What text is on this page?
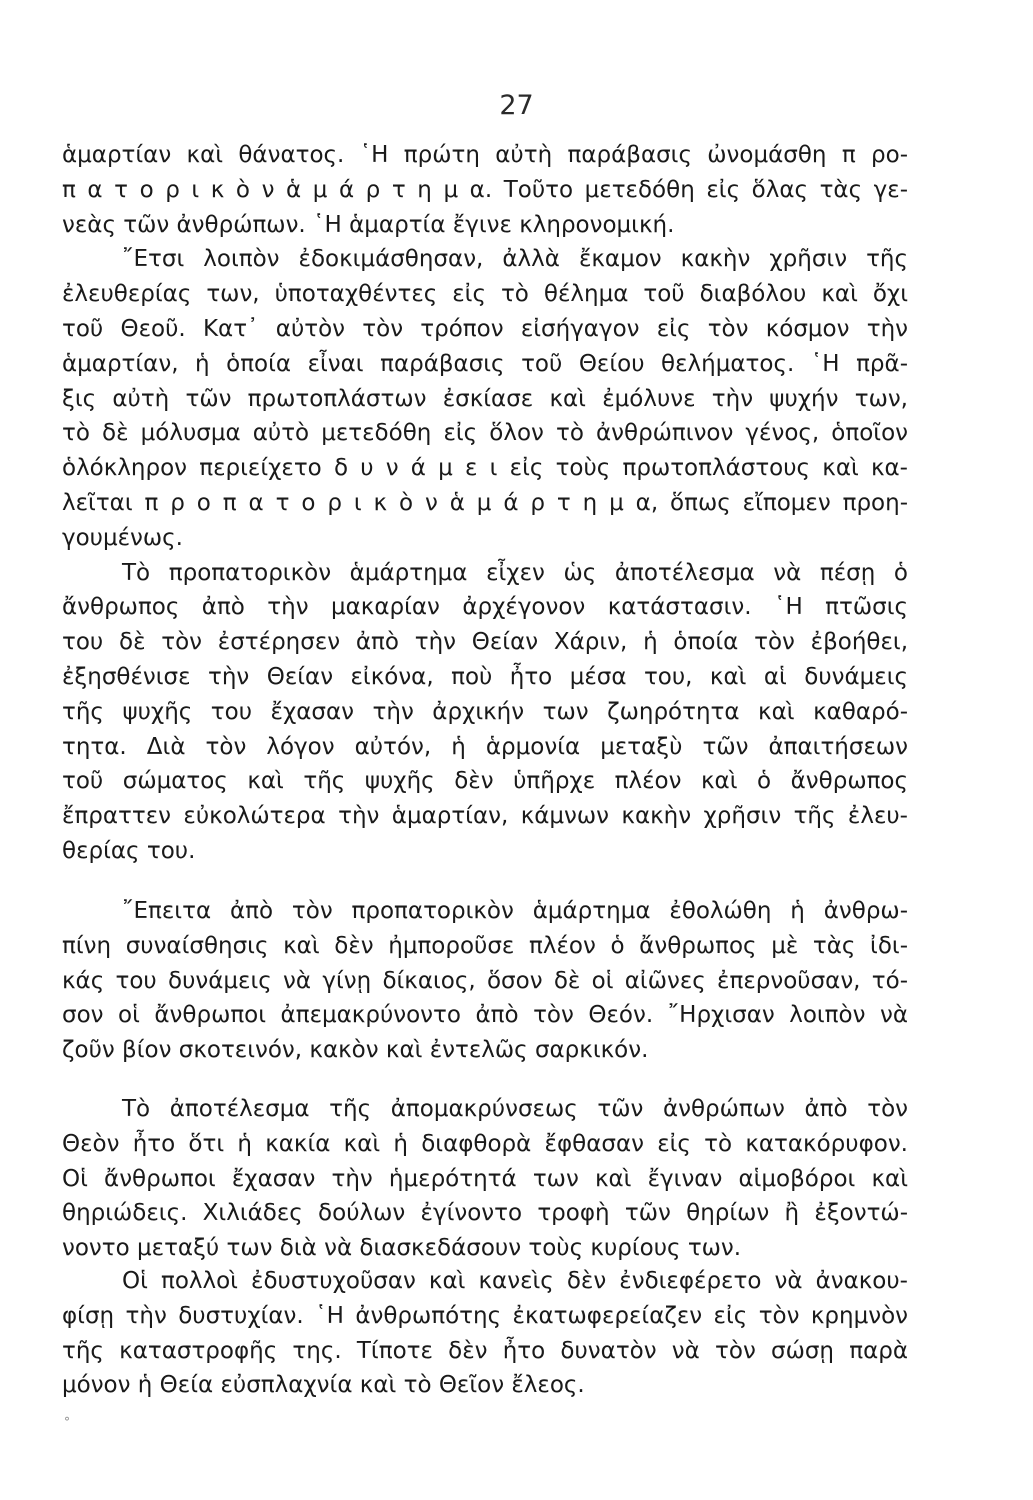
27
ἁμαρτίαν καὶ θάνατος. ῾Η πρώτη αὐτὴ παράβασις ὠνομάσθη π ρο-
π α τ ο ρ ι κ ὸ ν ἁ μ ά ρ τ η μ α. Τοῦτο μετεδόθη εἰς ὅλας τὰς γε-
νεὰς τῶν ἀνθρώπων. ῾Η ἁμαρτία ἔγινε κληρονομική.
῎Ετσι λοιπὸν ἐδοκιμάσθησαν, ἀλλὰ ἔκαμον κακὴν χρῆσιν τῆς
ἐλευθερίας των, ὑποταχθέντες εἰς τὸ θέλημα τοῦ διαβόλου καὶ ὄχι
τοῦ Θεοῦ. Κατ᾽ αὐτὸν τὸν τρόπον εἰσήγαγον εἰς τὸν κόσμον τὴν
ἁμαρτίαν, ἡ ὁποία εἶναι παράβασις τοῦ Θείου θελήματος. ῾Η πρᾶ-
ξις αὐτὴ τῶν πρωτοπλάστων ἐσκίασε καὶ ἐμόλυνε τὴν ψυχήν των,
τὸ δὲ μόλυσμα αὐτὸ μετεδόθη εἰς ὅλον τὸ ἀνθρώπινον γένος, ὁποῖον
ὁλόκληρον περιείχετο δ υ ν ά μ ε ι εἰς τοὺς πρωτοπλάστους καὶ κα-
λεῖται π ρ ο π α τ ο ρ ι κ ὸ ν ἁ μ ά ρ τ η μ α, ὅπως εἴπομεν προη-
γουμένως.
Τὸ προπατορικὸν ἁμάρτημα εἶχεν ὡς ἀποτέλεσμα νὰ πέσῃ ὁ
ἄνθρωπος ἀπὸ τὴν μακαρίαν ἀρχέγονον κατάστασιν. ῾Η πτῶσις
του δὲ τὸν ἐστέρησεν ἀπὸ τὴν Θείαν Χάριν, ἡ ὁποία τὸν ἐβοήθει,
ἐξησθένισε τὴν Θείαν εἰκόνα, ποὺ ἦτο μέσα του, καὶ αἱ δυνάμεις
τῆς ψυχῆς του ἔχασαν τὴν ἀρχικήν των ζωηρότητα καὶ καθαρό-
τητα. Διὰ τὸν λόγον αὐτόν, ἡ ἁρμονία μεταξὺ τῶν ἀπαιτήσεων
τοῦ σώματος καὶ τῆς ψυχῆς δὲν ὑπῆρχε πλέον καὶ ὁ ἄνθρωπος
ἔπραττεν εὐκολώτερα τὴν ἁμαρτίαν, κάμνων κακὴν χρῆσιν τῆς ἐλευ-
θερίας του.
῎Επειτα ἀπὸ τὸν προπατορικὸν ἁμάρτημα ἐθολώθη ἡ ἀνθρω-
πίνη συναίσθησις καὶ δὲν ἠμποροῦσε πλέον ὁ ἄνθρωπος μὲ τὰς ἰδι-
κάς του δυνάμεις νὰ γίνῃ δίκαιος, ὅσον δὲ οἱ αἰῶνες ἐπερνοῦσαν, τό-
σον οἱ ἄνθρωποι ἀπεμακρύνοντο ἀπὸ τὸν Θεόν. ῎Ηρχισαν λοιπὸν νὰ
ζοῦν βίον σκοτεινόν, κακὸν καὶ ἐντελῶς σαρκικόν.
Τὸ ἀποτέλεσμα τῆς ἀπομακρύνσεως τῶν ἀνθρώπων ἀπὸ τὸν
Θεὸν ἦτο ὅτι ἡ κακία καὶ ἡ διαφθορὰ ἔφθασαν εἰς τὸ κατακόρυφον.
Οἱ ἄνθρωποι ἔχασαν τὴν ἡμερότητά των καὶ ἔγιναν αἱμοβόροι καὶ
θηριώδεις. Χιλιάδες δούλων ἐγίνοντο τροφὴ τῶν θηρίων ἢ ἐξοντώ-
νοντο μεταξύ των διὰ νὰ διασκεδάσουν τοὺς κυρίους των.
Οἱ πολλοὶ ἐδυστυχοῦσαν καὶ κανεὶς δὲν ἐνδιεφέρετο νὰ ἀνακου-
φίσῃ τὴν δυστυχίαν. ῾Η ἀνθρωπότης ἐκατωφερείαζεν εἰς τὸν κρημνὸν
τῆς καταστροφῆς της. Τίποτε δὲν ἦτο δυνατὸν νὰ τὸν σώσῃ παρὰ
μόνον ἡ Θεία εὐσπλαχνία καὶ τὸ Θεῖον ἔλεος.
°
